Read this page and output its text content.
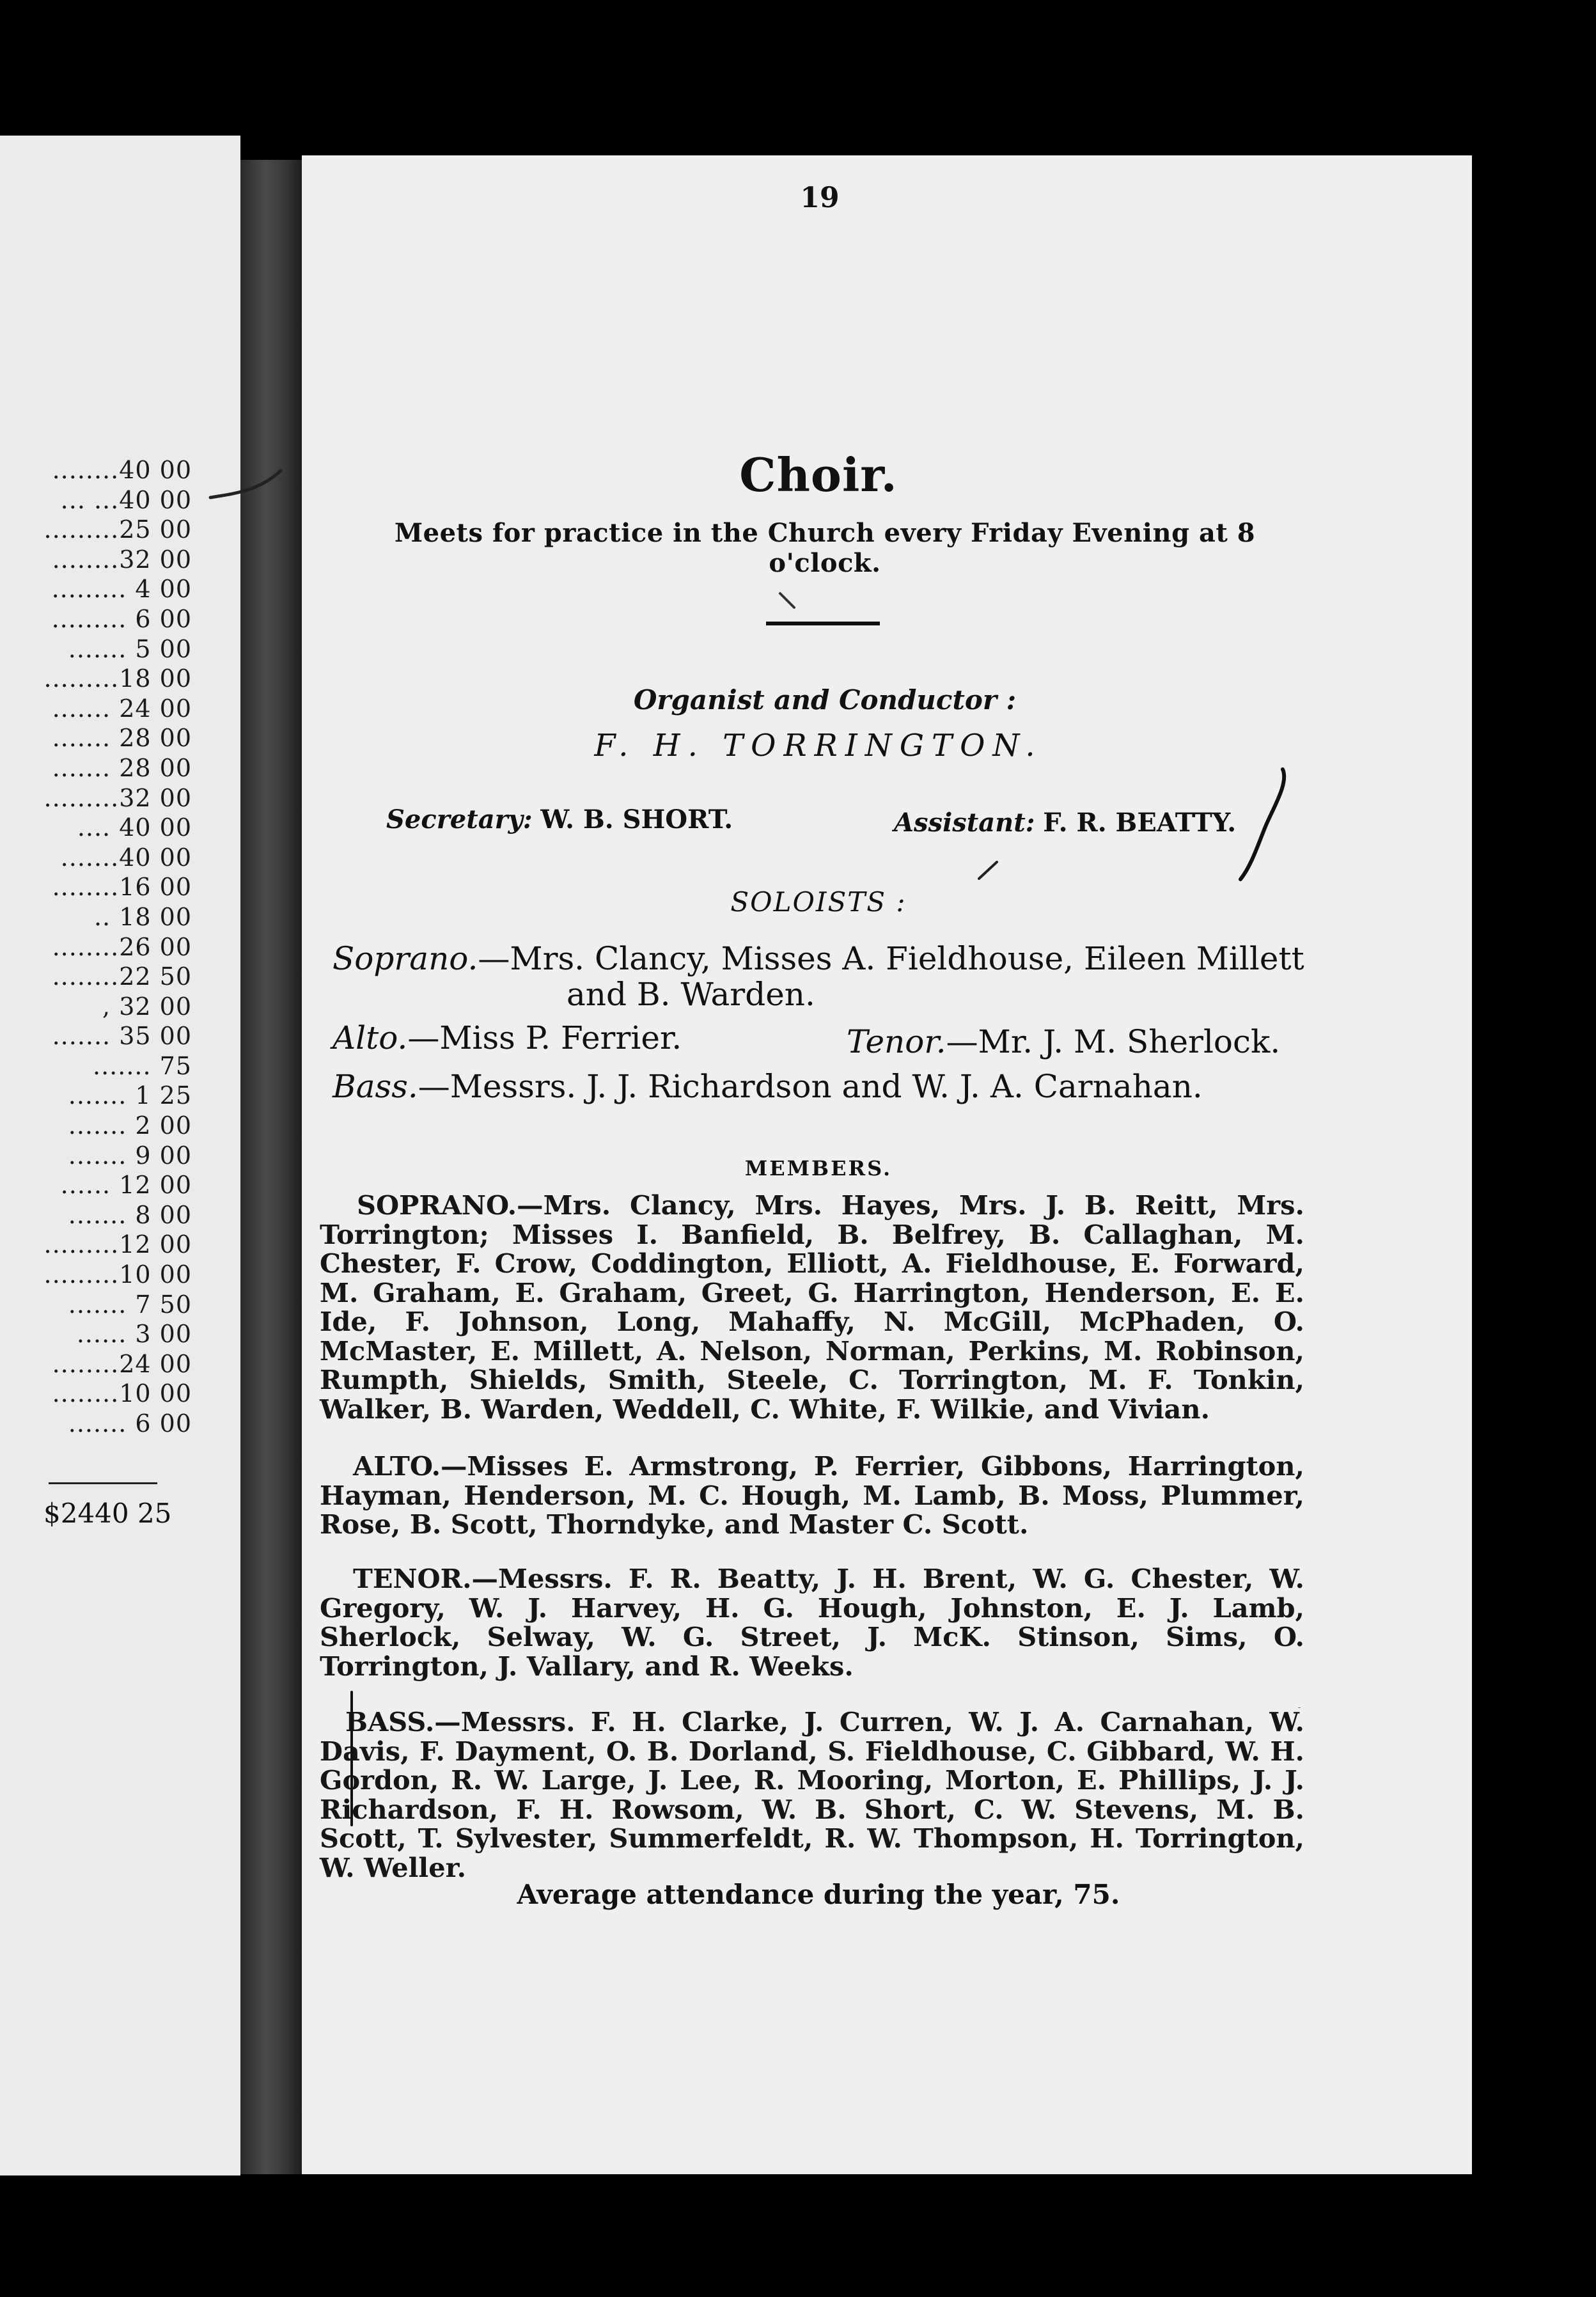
........40 00
... ...40 00
.........25 00
........32 00
......... 4 00
......... 6 00
....... 5 00
.........18 00
....... 24 00
....... 28 00
....... 28 00
.........32 00
.... 40 00
.......40 00
........16 00
.. 18 00
........26 00
........22 50
, 32 00
....... 35 00
....... 75
....... 1 25
....... 2 00
....... 9 00
...... 12 00
....... 8 00
.........12 00
.........10 00
....... 7 50
...... 3 00
........24 00
........10 00
....... 6 00
$2440 25
19
Choir.
Meets for practice in the Church every Friday Evening at 8 o'clock.
Organist and Conductor :
F. H. TORRINGTON.
Secretary: W. B. SHORT.	Assistant: F. R. BEATTY.
SOLOISTS :
Soprano.—Mrs. Clancy, Misses A. Fieldhouse, Eileen Millett
and B. Warden.
Alto.—Miss P. Ferrier.	Tenor.—Mr. J. M. Sherlock.
Bass.—Messrs. J. J. Richardson and W. J. A. Carnahan.
MEMBERS.
SOPRANO.—Mrs. Clancy, Mrs. Hayes, Mrs. J. B. Reitt, Mrs. Torrington; Misses I. Banfield, B. Belfrey, B. Callaghan, M. Chester, F. Crow, Coddington, Elliott, A. Fieldhouse, E. Forward, M. Graham, E. Graham, Greet, G. Harrington, Henderson, E. E. Ide, F. Johnson, Long, Mahaffy, N. McGill, McPhaden, O. McMaster, E. Millett, A. Nelson, Norman, Perkins, M. Robinson, Rumpth, Shields, Smith, Steele, C. Torrington, M. F. Tonkin, Walker, B. Warden, Weddell, C. White, F. Wilkie, and Vivian.
ALTO.—Misses E. Armstrong, P. Ferrier, Gibbons, Harrington, Hayman, Henderson, M. C. Hough, M. Lamb, B. Moss, Plummer, Rose, B. Scott, Thorndyke, and Master C. Scott.
TENOR.—Messrs. F. R. Beatty, J. H. Brent, W. G. Chester, W. Gregory, W. J. Harvey, H. G. Hough, Johnston, E. J. Lamb, Sherlock, Selway, W. G. Street, J. McK. Stinson, Sims, O. Torrington, J. Vallary, and R. Weeks.
BASS.—Messrs. F. H. Clarke, J. Curren, W. J. A. Carnahan, W. Davis, F. Dayment, O. B. Dorland, S. Fieldhouse, C. Gibbard, W. H. Gordon, R. W. Large, J. Lee, R. Mooring, Morton, E. Phillips, J. J. Richardson, F. H. Rowsom, W. B. Short, C. W. Stevens, M. B. Scott, T. Sylvester, Summerfeldt, R. W. Thompson, H. Torrington, W. Weller.
Average attendance during the year, 75.
